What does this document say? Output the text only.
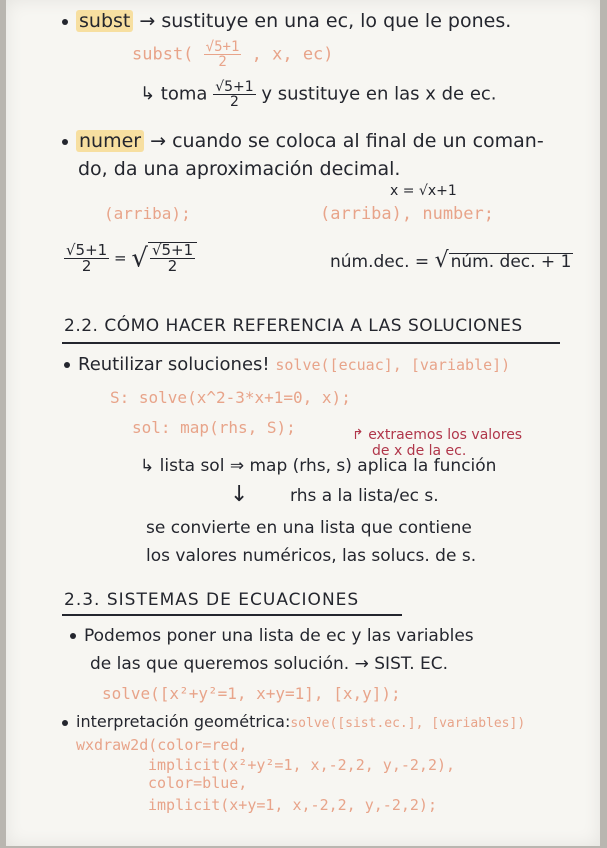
subst → sustituye en una ec, lo que le pones.
subst( $\frac{√5+1}{2}$ , x, ec)
↳ toma $\frac{√5+1}{2}$ y sustituye en las x de ec.
numer → cuando se coloca al final de un coman-
do, da una aproximación decimal.
x = √x+1
(arriba);	(arriba), number;
$\frac{√5+1}{2}$ = √ $\frac{√5+1}{2}$	núm.dec. = √ núm. dec. + 1
2.2. CÓMO HACER REFERENCIA A LAS SOLUCIONES
Reutilizar soluciones! solve([ecuac], [variable])
S: solve(x^2-3*x+1=0, x);
sol: map(rhs, S);	↱ extraemos los valores
de x de la ec.
↳ lista sol ⇒ map (rhs, s) aplica la función
↓ rhs a la lista/ec s.
se convierte en una lista que contiene
los valores numéricos, las solucs. de s.
2.3. SISTEMAS DE ECUACIONES
Podemos poner una lista de ec y las variables
de las que queremos solución. → SIST. EC.
solve([x²+y²=1, x+y=1], [x,y]);
interpretación geométrica:solve([sist.ec.], [variables])
wxdraw2d(color=red,
implicit(x²+y²=1, x,-2,2, y,-2,2),
color=blue,
implicit(x+y=1, x,-2,2, y,-2,2);
